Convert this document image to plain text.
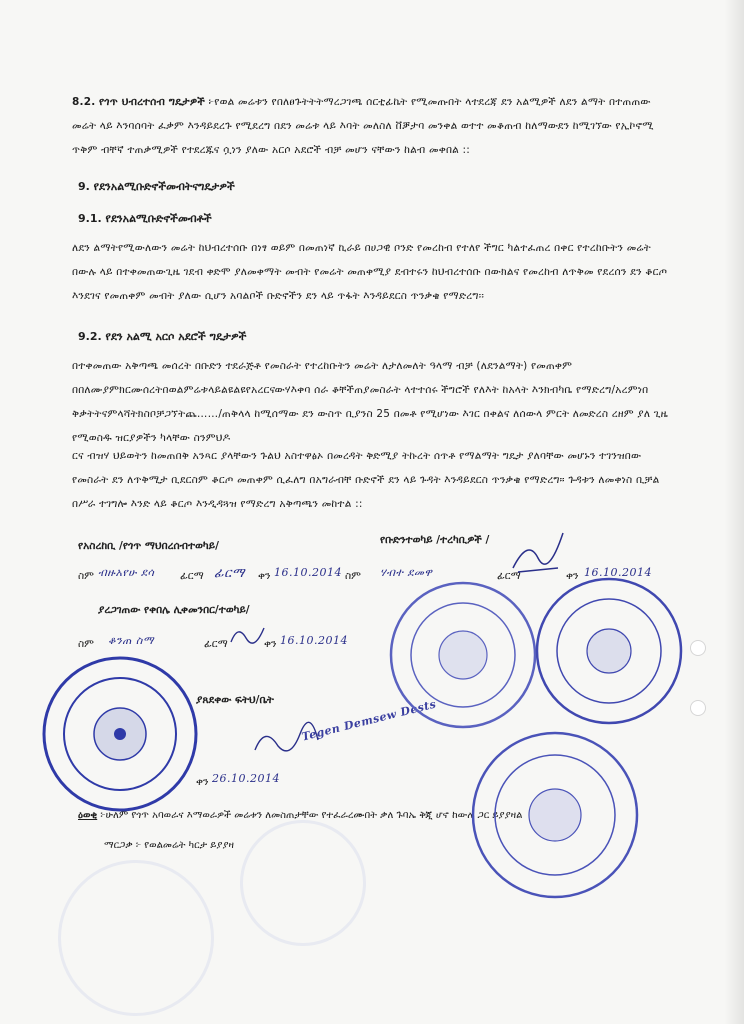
8.2. የጎጥ ህብረተሰብ ግዴታዎች ፦የወል መሬቱን የበለፀጉትትትማረጋገጫ ሰርቲፊኬት የሚመጡበት ላተደረጃ ደን አልሚዎች ለደን ልማት በተጠጠው መሬት ላይ እንባሰባት ፈቃም እንዳይደረጉ የሚደረግ በደን መሬቱ ላይ እባት መለስለ ቨቓታባ መንቀል ወተተ መቆጠብ ከለማውደን ከሚገኘው የኢኮኖሚ ጥቅም ብቸኛ ተጠቃሚዎች የተደረጁና ሷነን ያለው አርሶ አደሮች ብቻ መሆን ናቸውን ከልብ መቀበል ::
9. የደንአልሚቡድኖችመብትናግዴታዎች
9.1. የደንአልሚቡድኖችመብቶች
ለደን ልማትየሚውለውን መሬት ከህብረተሰቡ በነፃ ወይም በመጠነኛ ኪራይ በሀጋዊ ቦንድ የመረከብ የተለየ ችግር ካልተፈጠረ በቀር የተረከቡትን መሬት በውሉ ላይ በተቀመጠውጊዜ ገደብ ቀድሞ ያለመቀማት መብት የመሬት መጠቀሚያ ደብተሩን ከህብረተሰቡ በውክልና የመረከብ ለጥቅመ የደረሰን ደን ቆርጦ እንደገና የመጠቀም መብት ያለው ሲሆን አባልቦች ቡድኖችን ደን ላይ ጥፋት እንዳይደርስ ጥንቃቄ የማድረግ፡፡
9.2. የደን አልሚ አርሶ አደሮች ግዴታዎች
በተቀመጠው አቅጣጫ መሰረት በቡድን ተደራጅቶ የመስራት የተረከቡትን መሬት ለታለመለት ዓላማ ብቻ (ለደንልማት) የመጠቀም በበለሙያምክርሙሰረትበወልምሬቱላይልዩልዩየአረርናውሃእቀባ ሰራ ቆቸችጠያመስራት ላተተሰሩ ችግሮች የለእት ከአላት እንክብካቤ የማድረግ/አረምነበ ቅቃትትናምላሻትክስቦቻጋኘትጨ……/ጠቅላላ ከሚሰማው ደን ውስጥ ቢያንስ 25 በመቶ የሚሆነው እገር በቀልና ለሰውላ ምርት ለመድረስ ረዘም ያለ ጊዜ የሚወስዱ ዝርያዎችን ካላቸው ስንምህዶ
ርና ብዝሃ ህይወትን ከመጠበቅ አንጻር ያላቸውን ጉልህ አስተዋፅኦ በመረዳት ቅድሚያ ትኩረት ሰጥቶ የማልማት ግዴታ ያለባቸው መሆኑን ተገንዝበው የመስራት ደን ለጥቅሚታ ቢደርስም ቆርጦ መጠቀም ሲፈለግ በአግራብቸ ቡድኖች ደን ላይ ጉዳት እንዳይደርስ ጥንቃቄ የማድረግ። ጉዳቱን ለመቀነስ ቢቻል በሥራ ተገግሎ እንድ ላይ ቆርጦ እንዲዳጓዝ የማድረግ አቅጣጫን መከተል ::
የአስረከቢ /የጎጥ ማህበረሰብተወካይ/	የቡድንተወካይ /ተረካቢዎች /
ስም ብዙአየሁ ደሳ ፊርማ ፊርማ ቀን 16.10.2014 ስም ሃብተ ደመዋ	ፊርማ	ቀን 16.10.2014
ያረጋገጠው የቀበሌ ሊቀመንበር/ተወካይ/
ስም ቆንጠ ስማ	ፊርማ	ቀን 16.10.2014
ያጸደቀው ፍትህ/ቤት Tegen Demsew Dests
ቀን 26.10.2014
ዕወቂ ፦ሁለም የጎጥ አባወራና እማወራዎች መሬቱን ለመስጠታቸው የተፈራረሙበት ቃለ ጉባኤ ቅጂ ሆኖ ከውሉ ጋር ይያያዛል
ማርጋቃ ፦ የወልመሬት ካርታ ይያያዛ
